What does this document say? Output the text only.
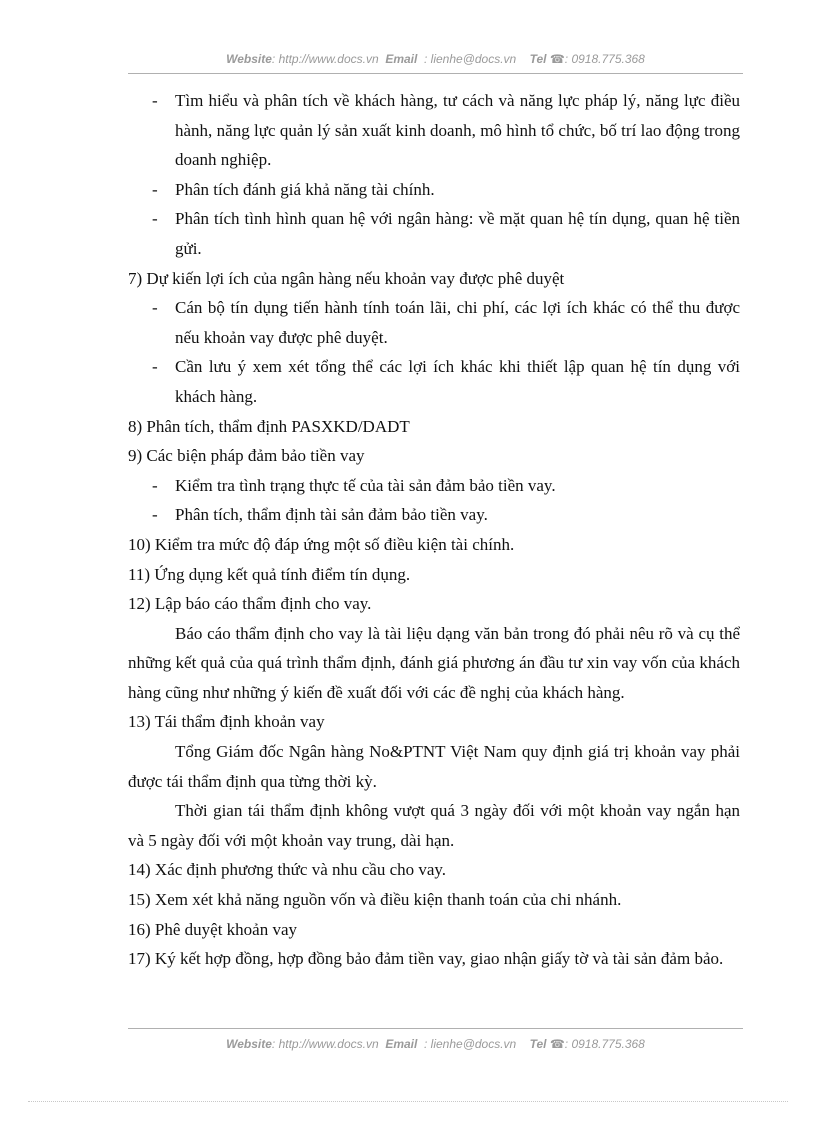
Website: http://www.docs.vn Email : lienhe@docs.vn Tel ☎: 0918.775.368

- Tìm hiểu và phân tích về khách hàng, tư cách và năng lực pháp lý, năng lực điều hành, năng lực quản lý sản xuất kinh doanh, mô hình tổ chức, bố trí lao động trong doanh nghiệp.

- Phân tích đánh giá khả năng tài chính.

- Phân tích tình hình quan hệ với ngân hàng: về mặt quan hệ tín dụng, quan hệ tiền gửi.

7) Dự kiến lợi ích của ngân hàng nếu khoản vay được phê duyệt

- Cán bộ tín dụng tiến hành tính toán lãi, chi phí, các lợi ích khác có thể thu được nếu khoản vay được phê duyệt.

- Cần lưu ý xem xét tổng thể các lợi ích khác khi thiết lập quan hệ tín dụng với khách hàng.

8) Phân tích, thẩm định PASXKD/DADT

9) Các biện pháp đảm bảo tiền vay

- Kiểm tra tình trạng thực tế của tài sản đảm bảo tiền vay.

- Phân tích, thẩm định tài sản đảm bảo tiền vay.

10) Kiểm tra mức độ đáp ứng một số điều kiện tài chính.

11) Ứng dụng kết quả tính điểm tín dụng.

12) Lập báo cáo thẩm định cho vay.

Báo cáo thẩm định cho vay là tài liệu dạng văn bản trong đó phải nêu rõ và cụ thể những kết quả của quá trình thẩm định, đánh giá phương án đầu tư xin vay vốn của khách hàng cũng như những ý kiến đề xuất đối với các đề nghị của khách hàng.

13) Tái thẩm định khoản vay

Tổng Giám đốc Ngân hàng No&PTNT Việt Nam quy định giá trị khoản vay phải được tái thẩm định qua từng thời kỳ.

Thời gian tái thẩm định không vượt quá 3 ngày đối với một khoản vay ngắn hạn và 5 ngày đối với một khoản vay trung, dài hạn.

14) Xác định phương thức và nhu cầu cho vay.

15) Xem xét khả năng nguồn vốn và điều kiện thanh toán của chi nhánh.

16) Phê duyệt khoản vay

17) Ký kết hợp đồng, hợp đồng bảo đảm tiền vay, giao nhận giấy tờ và tài sản đảm bảo.

Website: http://www.docs.vn Email : lienhe@docs.vn Tel ☎: 0918.775.368
